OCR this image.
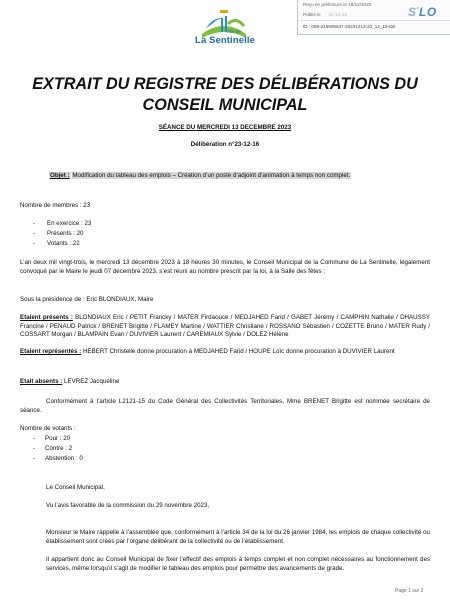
Ville de
La Sentinelle
Reçu en préfecture le 18/12/2023
Publié le 22-12-16
ID : 059-215905647-20231213-23_12_16-DE
$S^{^2}LO$
EXTRAIT DU REGISTRE DES DÉLIBÉRATIONS DU CONSEIL MUNICIPAL
SÉANCE DU MERCREDI 13 DECEMBRE 2023
Délibération n°23-12-16
Objet : Modification du tableau des emplois – Création d’un poste d’adjoint d’animation à temps non complet.
Nombre de membres : 23
- En exercice : 23
- Présents : 20
- Votants : 22
L’an deux mil vingt-trois, le mercredi 13 décembre 2023 à 18 heures 30 minutes, le Conseil Municipal de la Commune de La Sentinelle, légalement convoqué par le Maire le jeudi 07 décembre 2023, s’est réuni au nombre prescrit par la loi, à la Salle des fêtes ;
Sous la présidence de : Eric BLONDIAUX, Maire
Etaient présents : BLONDIAUX Eric / PETIT Francky / MATER Firdaouce / MEDJAHED Farid / GABET Jérémy / CAMPHIN Nathalie / DHAUSSY Francine / PENAUD Patrick / BRENET Brigitte / FLAMEY Martine / WATTIER Christiane / ROSSANO Sébastien / COZETTE Bruno / MATER Rudy / COSSART Morgan / BLAMPAIN Evan / DUVIVIER Laurent / CAREMIAUX Sylvie / DOLEZ Hélène
Etaient représentés : HEBERT Christelle donne procuration à MEDJAHED Farid / HOUPE Loïc donne procuration à DUVIVIER Laurent
Etait absents : LEVREZ Jacqueline
Conformément à l’article L2121-15 du Code Général des Collectivités Territoriales, Mme BRENET Brigitte est nommée secrétaire de séance.
Nombre de votants :
- Pour : 20
- Contre : 2
- Abstention : 0
Le Conseil Municipal,
Vu l’avis favorable de la commission du 29 novembre 2023,
Monsieur le Maire rappelle à l’assemblée que, conformément à l’article 34 de la loi du 26 janvier 1984, les emplois de chaque collectivité ou établissement sont créés par l’organe délibérant de la collectivité ou de l’établissement.
Il appartient donc au Conseil Municipal de fixer l’effectif des emplois à temps complet et non complet nécessaires au fonctionnement des services, même lorsqu’il s’agit de modifier le tableau des emplois pour permettre des avancements de grade.
Page 1 sur 2
